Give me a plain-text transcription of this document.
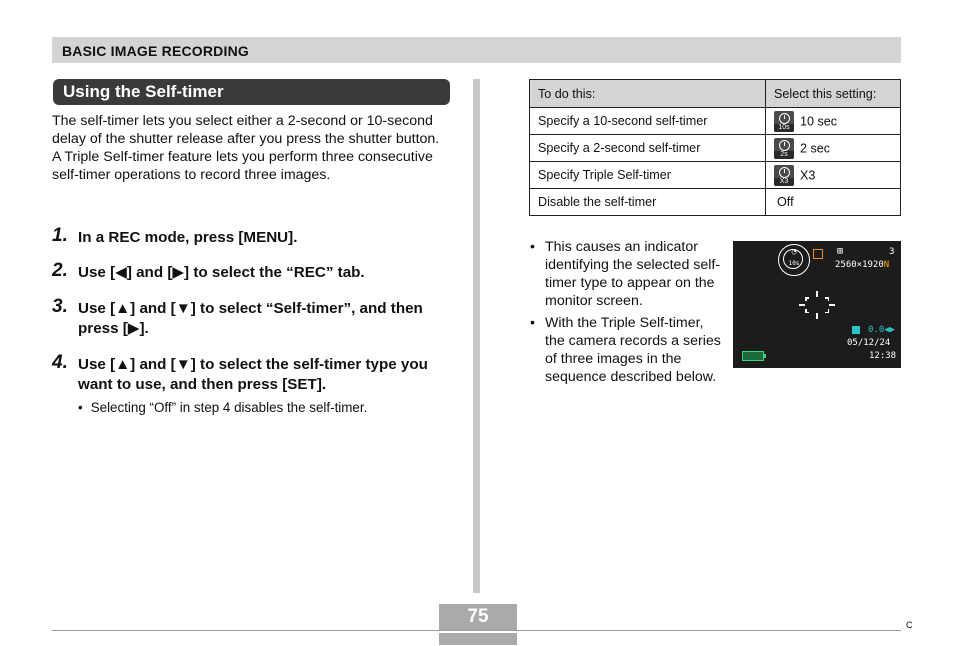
BASIC IMAGE RECORDING
Using the Self-timer
The self-timer lets you select either a 2-second or 10-second delay of the shutter release after you press the shutter button. A Triple Self-timer feature lets you perform three consecutive self-timer operations to record three images.
1. In a REC mode, press [MENU].
2. Use [◀] and [▶] to select the “REC” tab.
3. Use [▲] and [▼] to select “Self-timer”, and then press [▶].
4. Use [▲] and [▼] to select the self-timer type you want to use, and then press [SET].
• Selecting “Off” in step 4 disables the self-timer.
To do this:	Select this setting:
Specify a 10-second self-timer	10s 10 sec
Specify a 2-second self-timer	2s 2 sec
Specify Triple Self-timer	X3 X3
Disable the self-timer	Off
• This causes an indicator identifying the selected self-timer type to appear on the monitor screen.
• With the Triple Self-timer, the camera records a series of three images in the sequence described below.
◔
10s
⊞	3
2560×1920N
0.0◀▶
05/12/24
12:38
75	C
